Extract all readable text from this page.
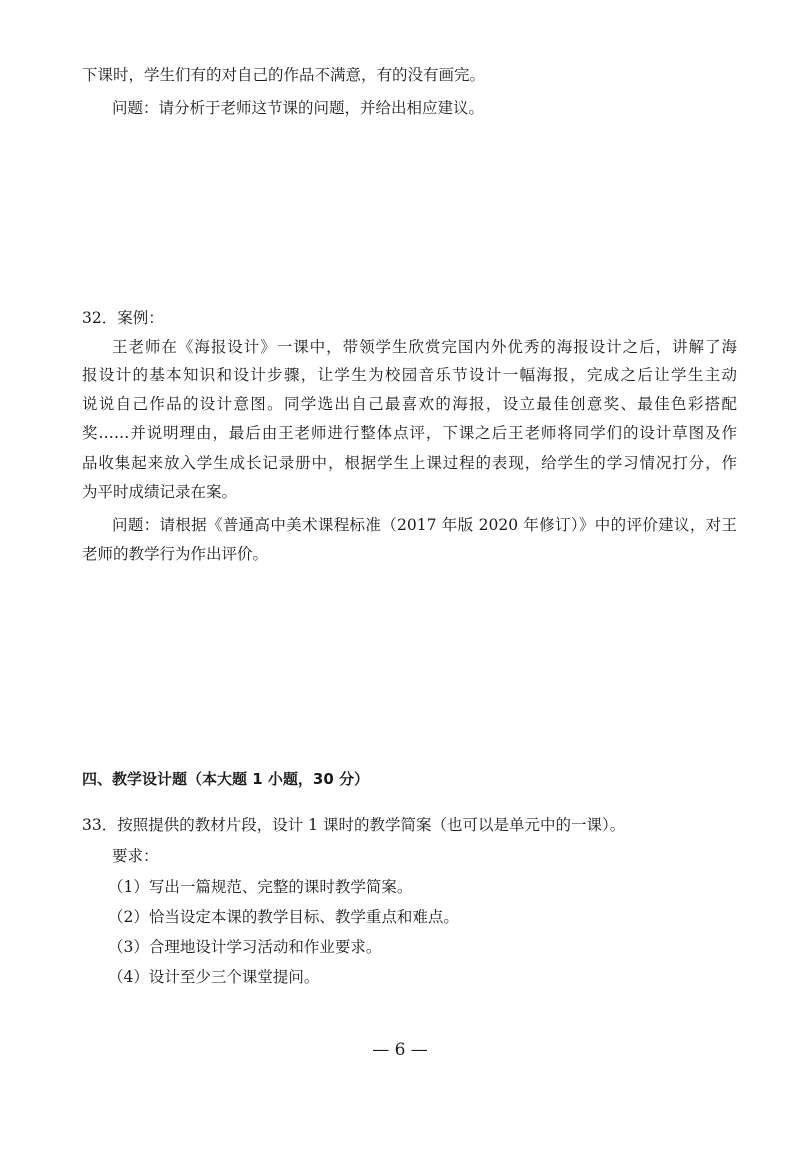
下课时，学生们有的对自己的作品不满意，有的没有画完。
问题：请分析于老师这节课的问题，并给出相应建议。
32．案例：
王老师在《海报设计》一课中，带领学生欣赏完国内外优秀的海报设计之后，讲解了海
报设计的基本知识和设计步骤，让学生为校园音乐节设计一幅海报，完成之后让学生主动
说说自己作品的设计意图。同学选出自己最喜欢的海报，设立最佳创意奖、最佳色彩搭配
奖……并说明理由，最后由王老师进行整体点评，下课之后王老师将同学们的设计草图及作
品收集起来放入学生成长记录册中，根据学生上课过程的表现，给学生的学习情况打分，作
为平时成绩记录在案。
问题：请根据《普通高中美术课程标准（2017 年版 2020 年修订）》中的评价建议，对王
老师的教学行为作出评价。
四、教学设计题（本大题 1 小题，30 分）
33．按照提供的教材片段，设计 1 课时的教学简案（也可以是单元中的一课）。
要求：
（1）写出一篇规范、完整的课时教学简案。
（2）恰当设定本课的教学目标、教学重点和难点。
（3）合理地设计学习活动和作业要求。
（4）设计至少三个课堂提问。
— 6 —
